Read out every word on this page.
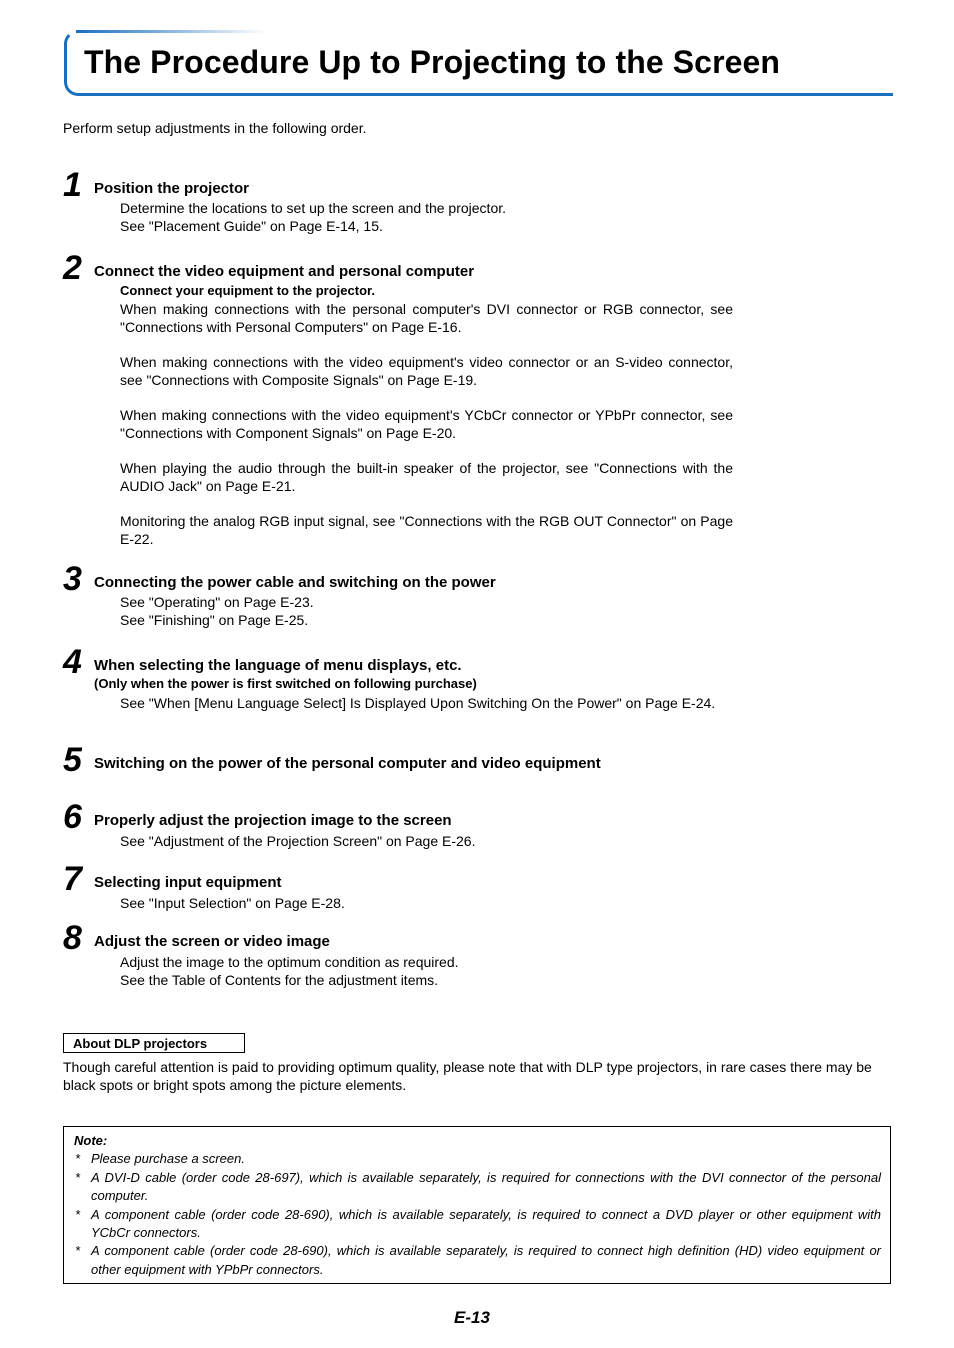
The Procedure Up to Projecting to the Screen
Perform setup adjustments in the following order.
1 Position the projector

Determine the locations to set up the screen and the projector.

See "Placement Guide" on Page E-14, 15.

2 Connect the video equipment and personal computer

Connect your equipment to the projector.

When making connections with the personal computer's DVI connector or RGB connector, see "Connections with Personal Computers" on Page E-16.

When making connections with the video equipment's video connector or an S-video connector, see "Connections with Composite Signals" on Page E-19.

When making connections with the video equipment's YCbCr connector or YPbPr connector, see "Connections with Component Signals" on Page E-20.

When playing the audio through the built-in speaker of the projector, see "Connections with the AUDIO Jack" on Page E-21.

Monitoring the analog RGB input signal, see "Connections with the RGB OUT Connector" on Page E-22.

3 Connecting the power cable and switching on the power

See "Operating" on Page E-23.

See "Finishing" on Page E-25.

4 When selecting the language of menu displays, etc.
(Only when the power is first switched on following purchase)

See "When [Menu Language Select] Is Displayed Upon Switching On the Power" on Page E-24.

5 Switching on the power of the personal computer and video equipment
6 Properly adjust the projection image to the screen

See "Adjustment of the Projection Screen" on Page E-26.

7 Selecting input equipment

See "Input Selection" on Page E-28.

8 Adjust the screen or video image

Adjust the image to the optimum condition as required.

See the Table of Contents for the adjustment items.

About DLP projectors
Though careful attention is paid to providing optimum quality, please note that with DLP type projectors, in rare cases there may be black spots or bright spots among the picture elements.
Note:
* Please purchase a screen.
* A DVI-D cable (order code 28-697), which is available separately, is required for connections with the DVI connector of the personal computer.
* A component cable (order code 28-690), which is available separately, is required to connect a DVD player or other equipment with YCbCr connectors.
* A component cable (order code 28-690), which is available separately, is required to connect high definition (HD) video equipment or other equipment with YPbPr connectors.
E-13
